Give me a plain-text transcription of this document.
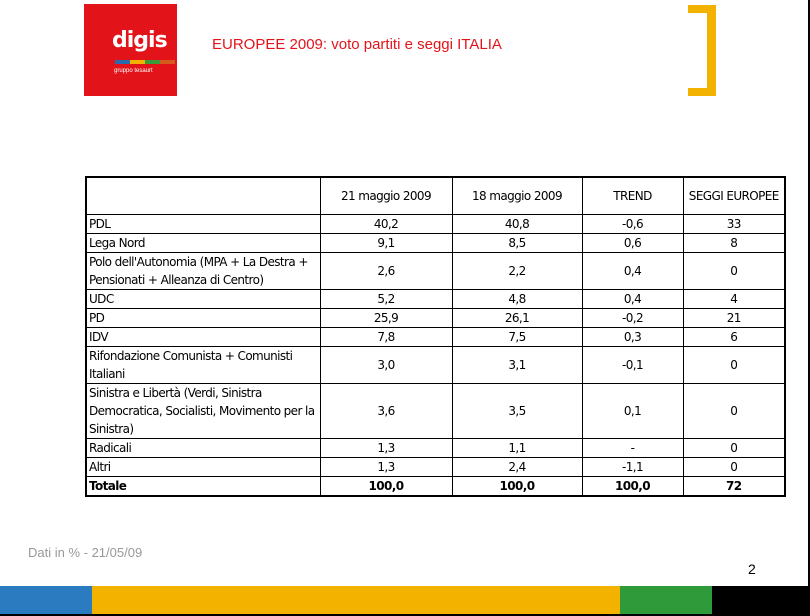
digis
gruppo tesaurt
EUROPEE 2009: voto partiti e seggi ITALIA
	21 maggio 2009	18 maggio 2009	TREND	SEGGI EUROPEE
PDL	40,2	40,8	-0,6	33
Lega Nord	9,1	8,5	0,6	8
Polo dell'Autonomia (MPA + La Destra + Pensionati + Alleanza di Centro)	2,6	2,2	0,4	0
UDC	5,2	4,8	0,4	4
PD	25,9	26,1	-0,2	21
IDV	7,8	7,5	0,3	6
Rifondazione Comunista + Comunisti Italiani	3,0	3,1	-0,1	0
Sinistra e Libertà (Verdi, Sinistra Democratica, Socialisti, Movimento per la Sinistra)	3,6	3,5	0,1	0
Radicali	1,3	1,1	-	0
Altri	1,3	2,4	-1,1	0
Totale	100,0	100,0	100,0	72
Dati in % - 21/05/09
2
